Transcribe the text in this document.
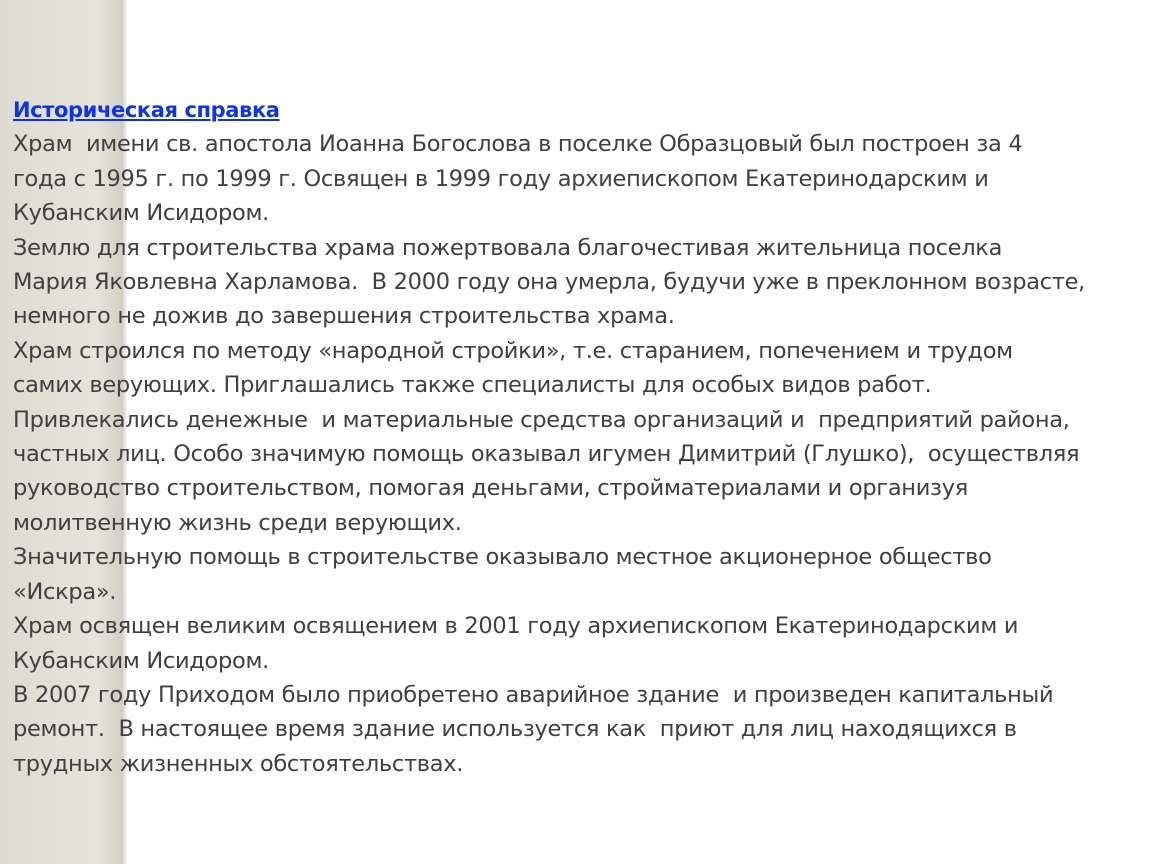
Историческая справка
Храм  имени св. апостола Иоанна Богослова в поселке Образцовый был построен за 4
года с 1995 г. по 1999 г. Освящен в 1999 году архиепископом Екатеринодарским и
Кубанским Исидором.
Землю для строительства храма пожертвовала благочестивая жительница поселка
Мария Яковлевна Харламова.  В 2000 году она умерла, будучи уже в преклонном возрасте,
немного не дожив до завершения строительства храма.
Храм строился по методу «народной стройки», т.е. старанием, попечением и трудом
самих верующих. Приглашались также специалисты для особых видов работ.
Привлекались денежные  и материальные средства организаций и  предприятий района,
частных лиц. Особо значимую помощь оказывал игумен Димитрий (Глушко),  осуществляя
руководство строительством, помогая деньгами, стройматериалами и организуя
молитвенную жизнь среди верующих.
Значительную помощь в строительстве оказывало местное акционерное общество
«Искра».
Храм освящен великим освящением в 2001 году архиепископом Екатеринодарским и
Кубанским Исидором.
В 2007 году Приходом было приобретено аварийное здание  и произведен капитальный
ремонт.  В настоящее время здание используется как  приют для лиц находящихся в
трудных жизненных обстоятельствах.
